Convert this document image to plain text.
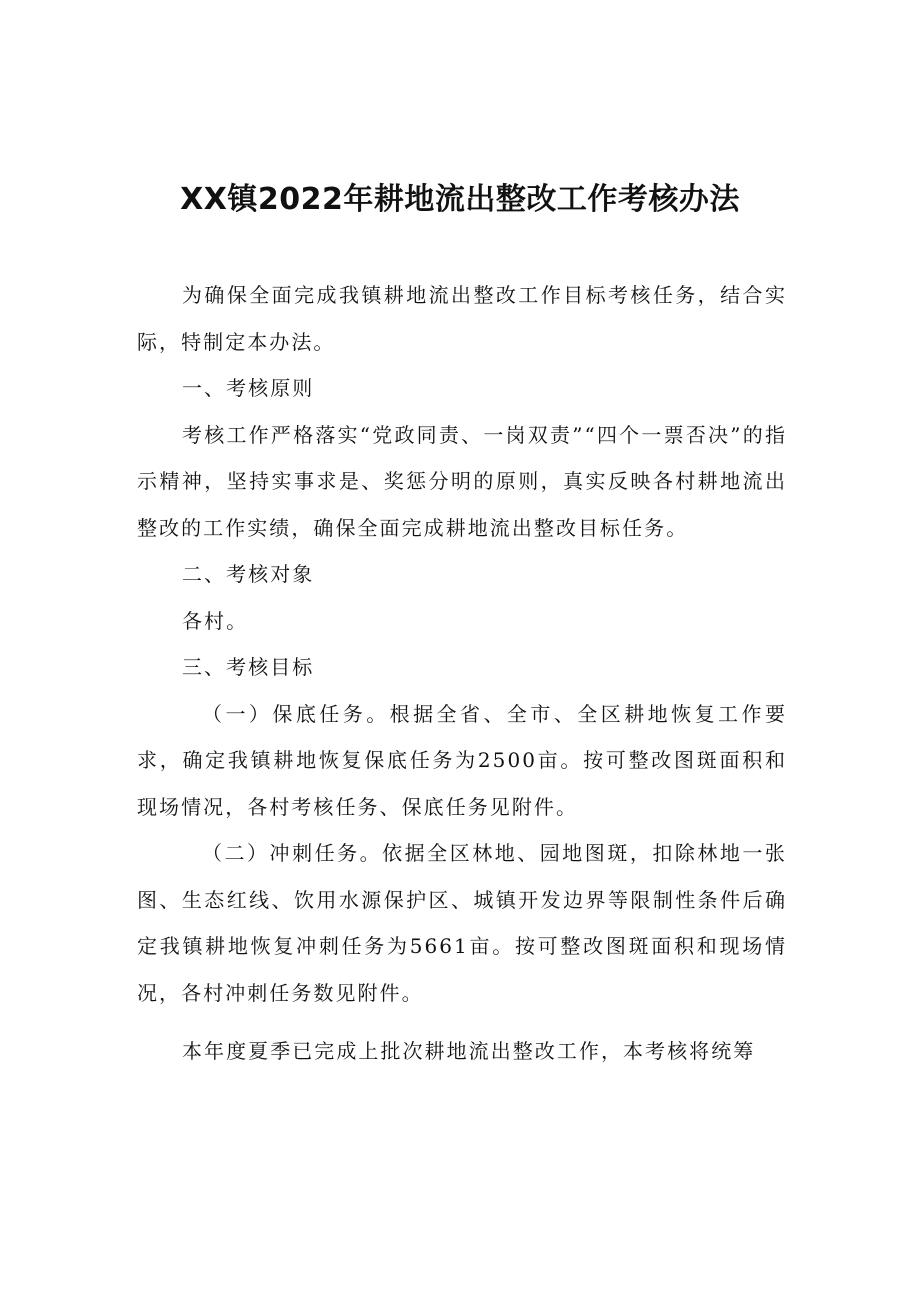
XX镇2022年耕地流出整改工作考核办法

为确保全面完成我镇耕地流出整改工作目标考核任务，结合实际，特制定本办法。

一、考核原则

考核工作严格落实“党政同责、一岗双责”“四个一票否决”的指示精神，坚持实事求是、奖惩分明的原则，真实反映各村耕地流出整改的工作实绩，确保全面完成耕地流出整改目标任务。

二、考核对象

各村。

三、考核目标

（一）保底任务。根据全省、全市、全区耕地恢复工作要求，确定我镇耕地恢复保底任务为2500亩。按可整改图斑面积和现场情况，各村考核任务、保底任务见附件。

（二）冲刺任务。依据全区林地、园地图斑，扣除林地一张图、生态红线、饮用水源保护区、城镇开发边界等限制性条件后确定我镇耕地恢复冲刺任务为5661亩。按可整改图斑面积和现场情况，各村冲刺任务数见附件。

本年度夏季已完成上批次耕地流出整改工作，本考核将统筹
